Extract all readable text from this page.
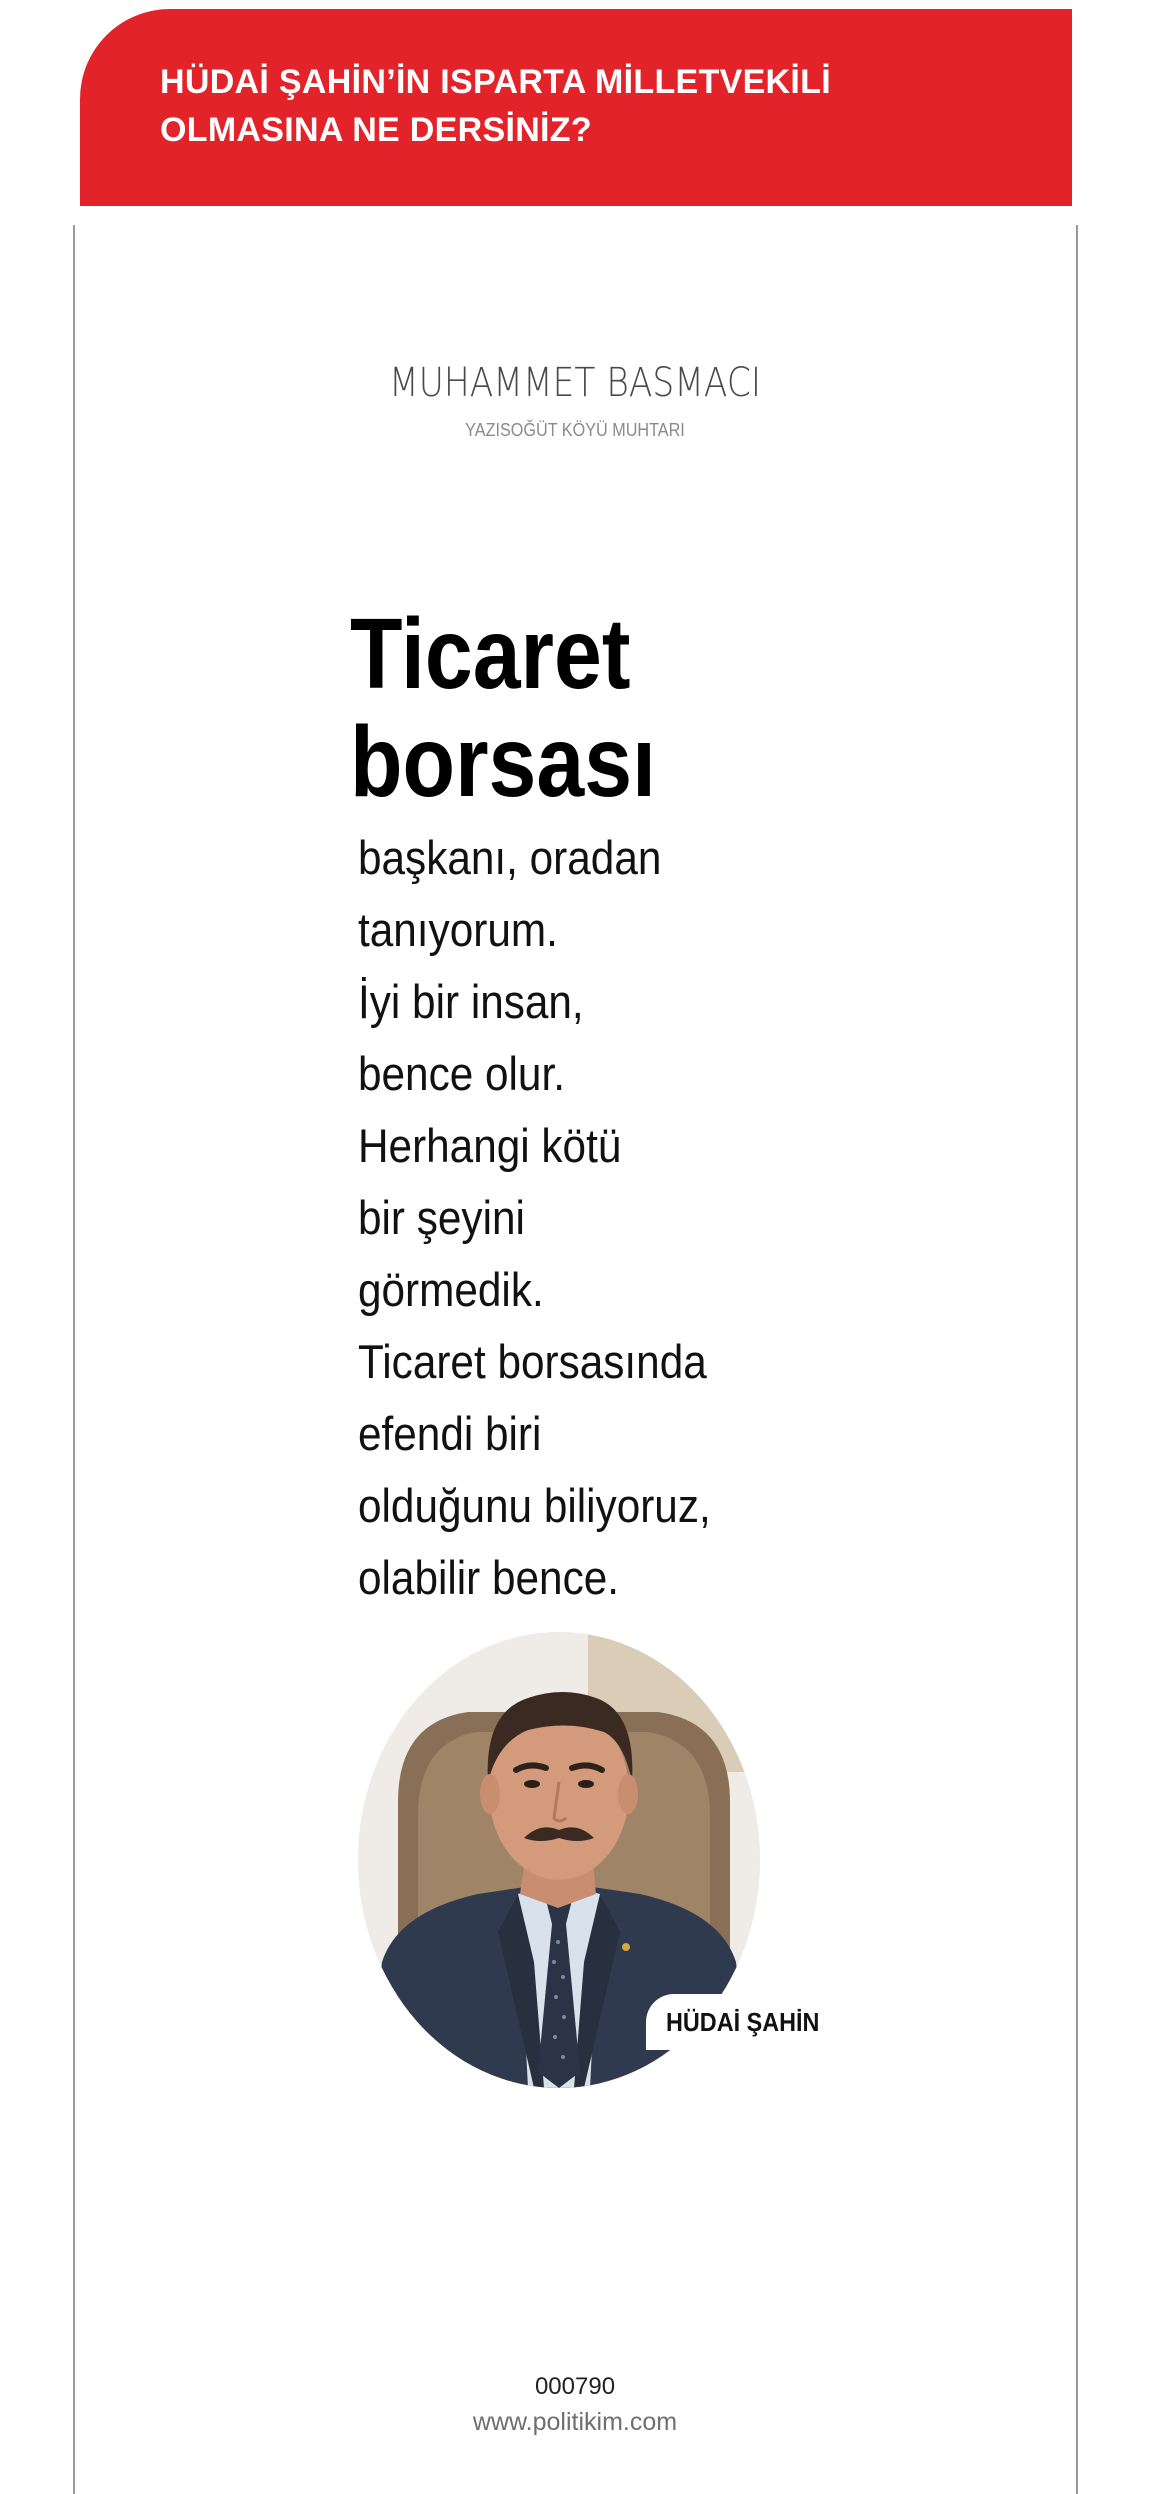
HÜDAİ ŞAHİN’İN ISPARTA MİLLETVEKİLİ
OLMASINA NE DERSİNİZ?
MUHAMMET BASMACI
YAZISOĞÜT KÖYÜ MUHTARI
Ticaret
borsası
başkanı, oradan
tanıyorum.
İyi bir insan,
bence olur.
Herhangi kötü
bir şeyini
görmedik.
Ticaret borsasında
efendi biri
olduğunu biliyoruz,
olabilir bence.
HÜDAİ ŞAHİN
000790
www.politikim.com
